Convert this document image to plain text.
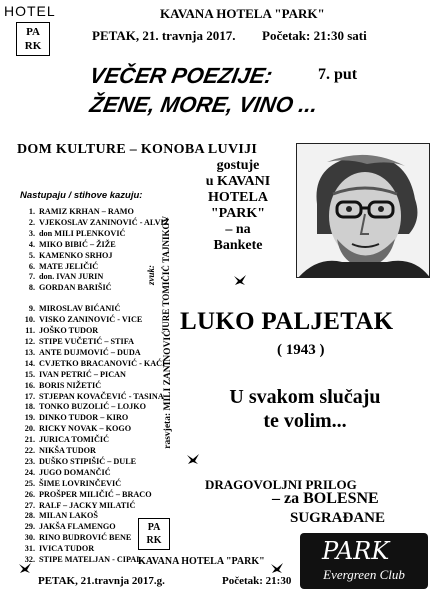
HOTEL
PA
RK
KAVANA HOTELA "PARK"
PETAK, 21. travnja 2017. Početak: 21:30 sati
VEČER POEZIJE:	7. put
ŽENE, MORE, VINO ...
DOM KULTURE – KONOBA LUVIJI
gostuje
u KAVANI
HOTELA
"PARK"
– na
Bankete
Nastupaju / stihove kazuju:
1. RAMIZ KRHAN – RAMO
2. VJEKOSLAV ZANINOVIĆ - ALVIŽ
3. don MILI PLENKOVIĆ
4. MIKO BIBIĆ – ŽIŽE
5. KAMENKO SRHOJ
6. MATE JELIČIĆ
7. don. IVAN JURIN
8. GORDAN BARIŠIĆ
9. MIROSLAV BIĆANIĆ
10. VISKO ZANINOVIĆ - VICE
11. JOŠKO TUDOR
12. STIPE VUČETIĆ – STIFA
13. ANTE DUJMOVIĆ – DUDA
14. CVJETKO BRACANOVIĆ - KAĆI
15. IVAN PETRIĆ – PICAN
16. BORIS NIŽETIĆ
17. STJEPAN KOVAČEVIĆ - TASINA
18. TONKO BUZOLIĆ – LOJKO
19. DINKO TUDOR – KIRO
20. RICKY NOVAK – KOGO
21. JURICA TOMIČIĆ
22. NIKŠA TUDOR
23. DUŠKO STIPIŠIĆ – DULE
24. JUGO DOMANČIĆ
25. ŠIME LOVRINČEVIĆ
26. PROŠPER MILIČIĆ – BRACO
27. RALF – JACKY MILATIĆ
28. MILAN LAKOŠ
29. JAKŠA FLAMENGO
30. RINO BUDROVIĆ BENE
31. IVICA TUDOR
32. STIPE MATELJAN - CIPAL
zvuk:
JURE TOMIČIĆ TAJNIKOV
rasvjeta: MILI ZANINOVIĆ
LUKO PALJETAK
( 1943 )
U svakom slučaju
te volim...
DRAGOVOLJNI PRILOG
– za BOLESNE
SUGRAĐANE
PA
RK
KAVANA HOTELA "PARK"
PETAK, 21.travnja 2017.g.	Početak: 21:30
PARK
Evergreen Club
